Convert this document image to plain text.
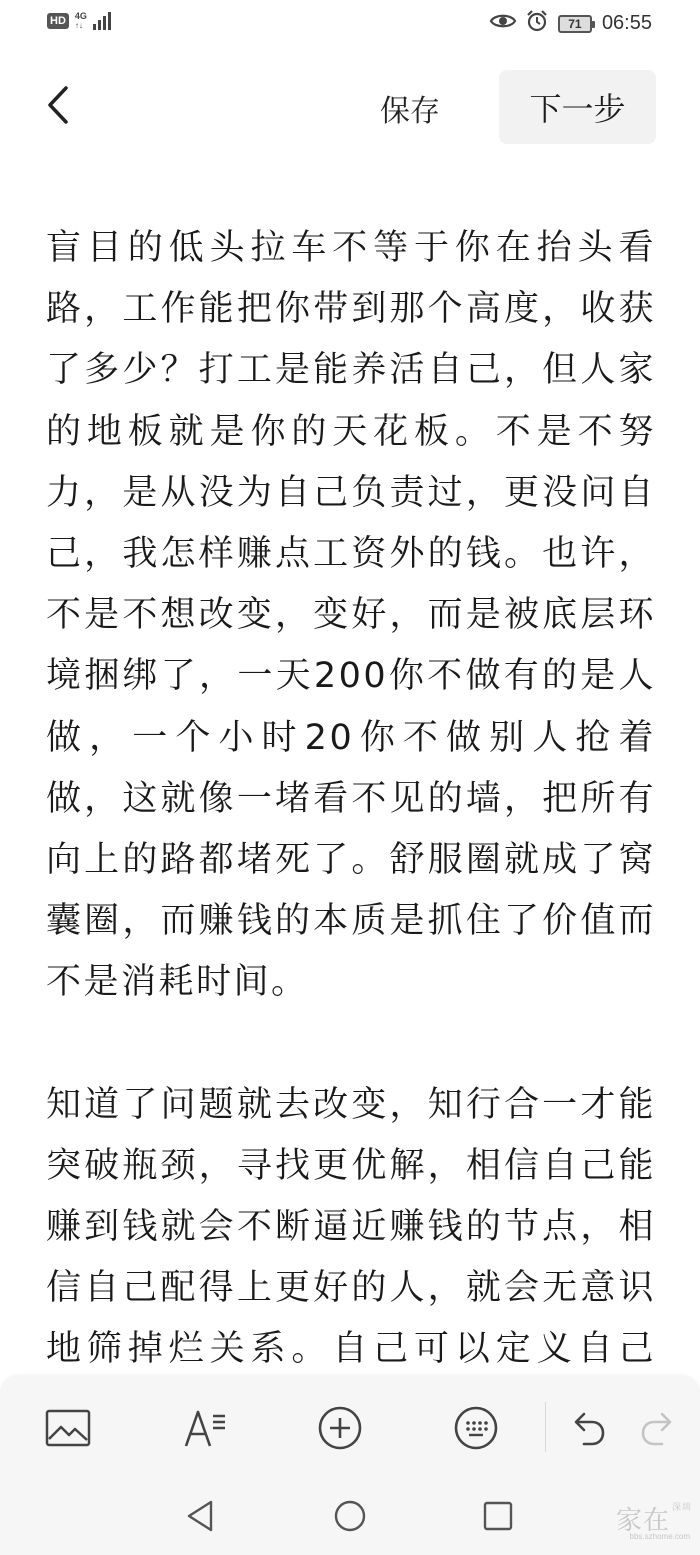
HD	4G
↑↓	71	06:55
保存	下一步

盲目的低头拉车不等于你在抬头看路，工作能把你带到那个高度，收获了多少？打工是能养活自己，但人家的地板就是你的天花板。不是不努力，是从没为自己负责过，更没问自己，我怎样赚点工资外的钱。也许，不是不想改变，变好，而是被底层环境捆绑了，一天200你不做有的是人做，一个小时20你不做别人抢着做，这就像一堵看不见的墙，把所有向上的路都堵死了。舒服圈就成了窝囊圈，而赚钱的本质是抓住了价值而不是消耗时间。

知道了问题就去改变，知行合一才能突破瓶颈，寻找更优解，相信自己能赚到钱就会不断逼近赚钱的节点，相信自己配得上更好的人，就会无意识地筛掉烂关系。自己可以定义自己

家在 $^{深圳}$
bbs.szhome.com
